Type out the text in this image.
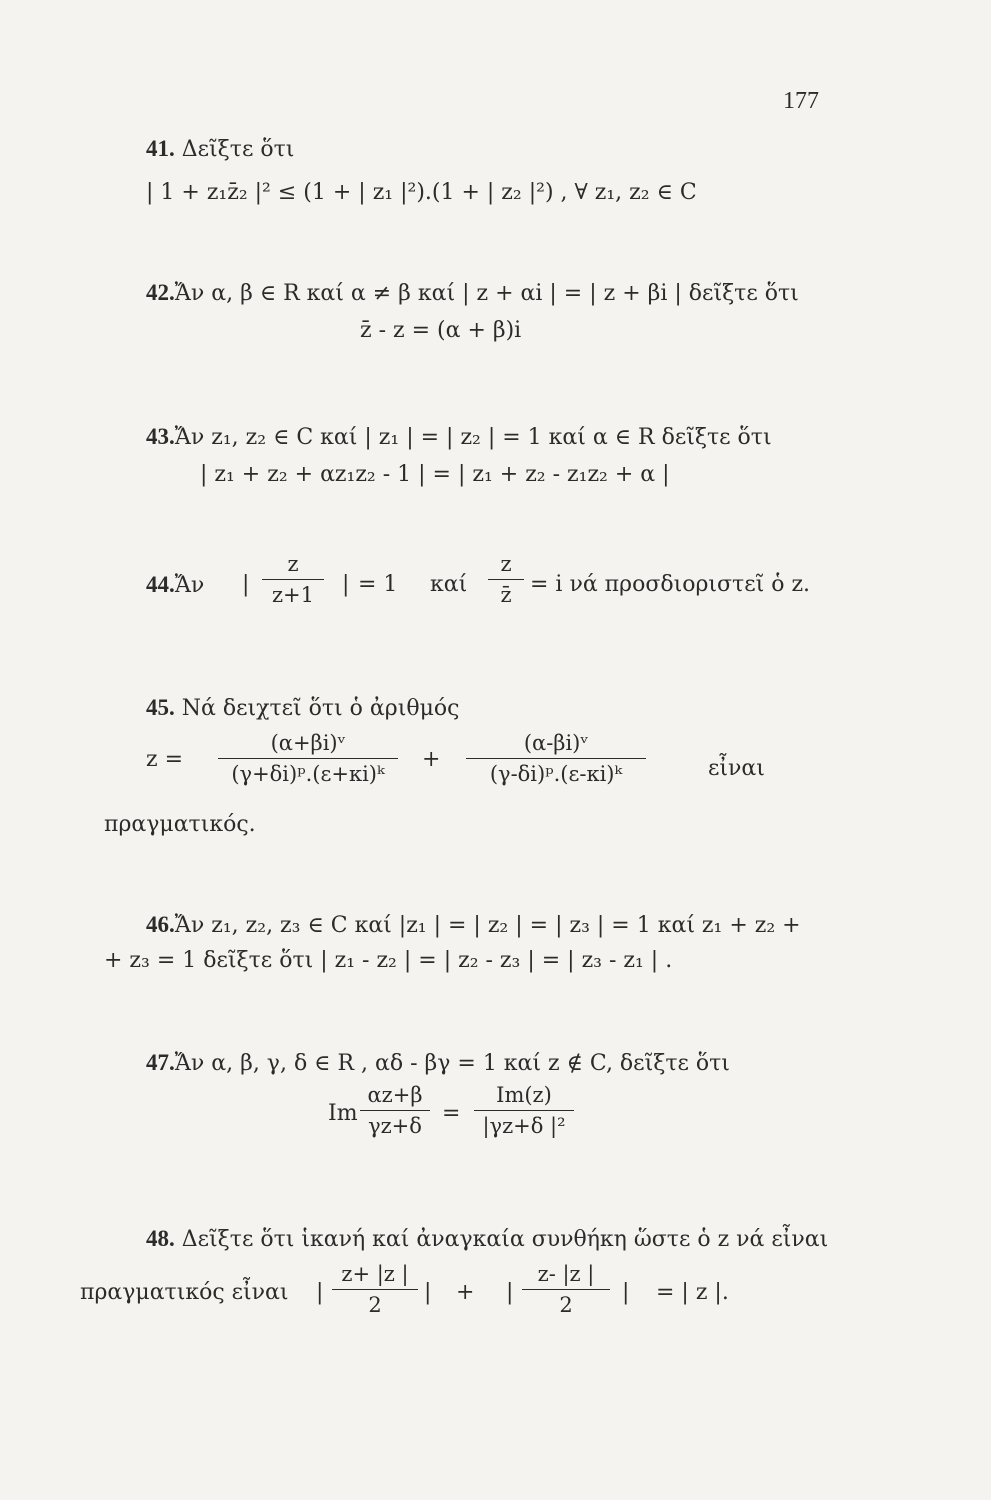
177
41. Δεῖξτε ὅτι
| 1 + z₁z̄₂ |² ≤ (1 + | z₁ |²).(1 + | z₂ |²) , ∀ z₁, z₂ ∈ C
42.Ἄν α, β ∈ R καί α ≠ β καί | z + αi | = | z + βi | δεῖξτε ὅτι
z̄ - z = (α + β)i
43.Ἄν z₁, z₂ ∈ C καί | z₁ | = | z₂ | = 1 καί α ∈ R δεῖξτε ὅτι
| z₁ + z₂ + αz₁z₂ - 1 | = | z₁ + z₂ - z₁z₂ + α |
44.Ἄν |
z
z+1	| = 1 καί
z
z̄ = i νά προσδιοριστεῖ ὁ z.
45. Νά δειχτεῖ ὅτι ὁ ἀριθμός
z =
(α+βi)ᵛ
(γ+δi)ᵖ.(ε+κi)ᵏ
+
(α-βi)ᵛ
(γ-δi)ᵖ.(ε-κi)ᵏ	εἶναι
πραγματικός.
46.Ἄν z₁, z₂, z₃ ∈ C καί |z₁ | = | z₂ | = | z₃ | = 1 καί z₁ + z₂ +
+ z₃ = 1 δεῖξτε ὅτι | z₁ - z₂ | = | z₂ - z₃ | = | z₃ - z₁ | .
47.Ἄν α, β, γ, δ ∈ R , αδ - βγ = 1 καί z ∉ C, δεῖξτε ὅτι
Im
αz+β
γz+δ =
Im(z)
|γz+δ |²
48. Δεῖξτε ὅτι ἱκανή καί ἀναγκαία συνθήκη ὥστε ὁ z νά εἶναι
πραγματικός εἶναι |
z+ |z |
2	| + |
z- |z |
2	| = | z |.
